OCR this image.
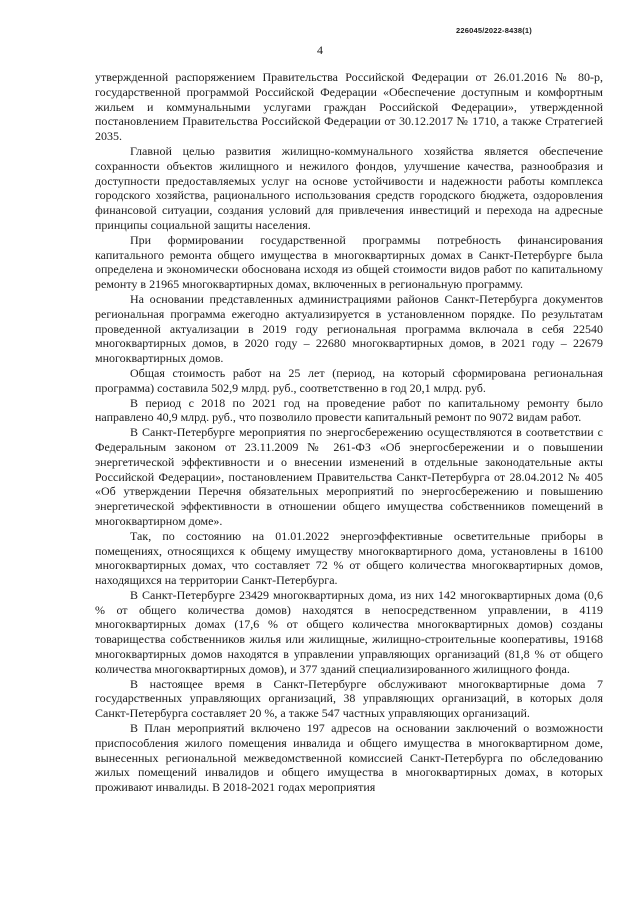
226045/2022-8438(1)
4

утвержденной распоряжением Правительства Российской Федерации от 26.01.2016 № 80-р, государственной программой Российской Федерации «Обеспечение доступным и комфортным жильем и коммунальными услугами граждан Российской Федерации», утвержденной постановлением Правительства Российской Федерации от 30.12.2017 № 1710, а также Стратегией 2035.

Главной целью развития жилищно-коммунального хозяйства является обеспечение сохранности объектов жилищного и нежилого фондов, улучшение качества, разнообразия и доступности предоставляемых услуг на основе устойчивости и надежности работы комплекса городского хозяйства, рационального использования средств городского бюджета, оздоровления финансовой ситуации, создания условий для привлечения инвестиций и перехода на адресные принципы социальной защиты населения.

При формировании государственной программы потребность финансирования капитального ремонта общего имущества в многоквартирных домах в Санкт-Петербурге была определена и экономически обоснована исходя из общей стоимости видов работ по капитальному ремонту в 21965 многоквартирных домах, включенных в региональную программу.

На основании представленных администрациями районов Санкт-Петербурга документов региональная программа ежегодно актуализируется в установленном порядке. По результатам проведенной актуализации в 2019 году региональная программа включала в себя 22540 многоквартирных домов, в 2020 году – 22680 многоквартирных домов, в 2021 году – 22679 многоквартирных домов.

Общая стоимость работ на 25 лет (период, на который сформирована региональная программа) составила 502,9 млрд. руб., соответственно в год 20,1 млрд. руб.

В период с 2018 по 2021 год на проведение работ по капитальному ремонту было направлено 40,9 млрд. руб., что позволило провести капитальный ремонт по 9072 видам работ.

В Санкт-Петербурге мероприятия по энергосбережению осуществляются в соответствии с Федеральным законом от 23.11.2009 № 261-ФЗ «Об энергосбережении и о повышении энергетической эффективности и о внесении изменений в отдельные законодательные акты Российской Федерации», постановлением Правительства Санкт-Петербурга от 28.04.2012 № 405 «Об утверждении Перечня обязательных мероприятий по энергосбережению и повышению энергетической эффективности в отношении общего имущества собственников помещений в многоквартирном доме».

Так, по состоянию на 01.01.2022 энергоэффективные осветительные приборы в помещениях, относящихся к общему имуществу многоквартирного дома, установлены в 16100 многоквартирных домах, что составляет 72 % от общего количества многоквартирных домов, находящихся на территории Санкт-Петербурга.

В Санкт-Петербурге 23429 многоквартирных дома, из них 142 многоквартирных дома (0,6 % от общего количества домов) находятся в непосредственном управлении, в 4119 многоквартирных домах (17,6 % от общего количества многоквартирных домов) созданы товарищества собственников жилья или жилищные, жилищно-строительные кооперативы, 19168 многоквартирных домов находятся в управлении управляющих организаций (81,8 % от общего количества многоквартирных домов), и 377 зданий специализированного жилищного фонда.

В настоящее время в Санкт-Петербурге обслуживают многоквартирные дома 7 государственных управляющих организаций, 38 управляющих организаций, в которых доля Санкт-Петербурга составляет 20 %, а также 547 частных управляющих организаций.

В План мероприятий включено 197 адресов на основании заключений о возможности приспособления жилого помещения инвалида и общего имущества в многоквартирном доме, вынесенных региональной межведомственной комиссией Санкт-Петербурга по обследованию жилых помещений инвалидов и общего имущества в многоквартирных домах, в которых проживают инвалиды. В 2018-2021 годах мероприятия
